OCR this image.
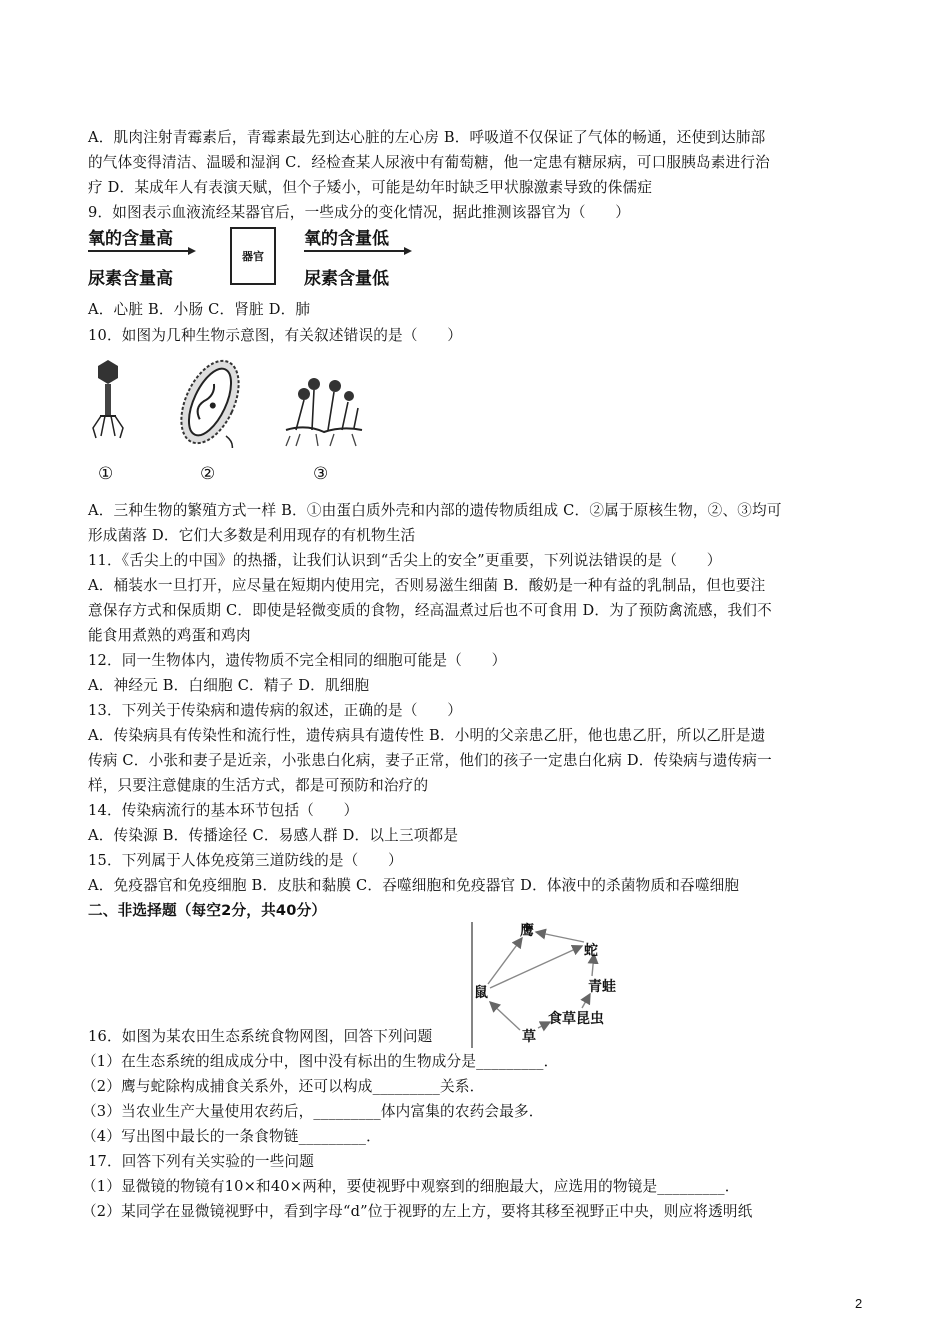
A．肌肉注射青霉素后，青霉素最先到达心脏的左心房 B．呼吸道不仅保证了气体的畅通，还使到达肺部
的气体变得清洁、温暖和湿润 C．经检查某人尿液中有葡萄糖，他一定患有糖尿病，可口服胰岛素进行治
疗 D．某成年人有表演天赋，但个子矮小，可能是幼年时缺乏甲状腺激素导致的侏儒症
9．如图表示血液流经某器官后，一些成分的变化情况，据此推测该器官为（　　）
氧的含量高
尿素含量高
氧的含量低
尿素含量低
器官
A．心脏 B．小肠 C．肾脏 D．肺
10．如图为几种生物示意图，有关叙述错误的是（　　）
①	②	③
A．三种生物的繁殖方式一样 B．①由蛋白质外壳和内部的遗传物质组成 C．②属于原核生物，②、③均可
形成菌落 D．它们大多数是利用现存的有机物生活
11．《舌尖上的中国》的热播，让我们认识到“舌尖上的安全”更重要，下列说法错误的是（　　）
A．桶装水一旦打开，应尽量在短期内使用完，否则易滋生细菌 B．酸奶是一种有益的乳制品，但也要注
意保存方式和保质期 C．即使是轻微变质的食物，经高温煮过后也不可食用 D．为了预防禽流感，我们不
能食用煮熟的鸡蛋和鸡肉
12．同一生物体内，遗传物质不完全相同的细胞可能是（　　）
A．神经元 B．白细胞 C．精子 D．肌细胞
13．下列关于传染病和遗传病的叙述，正确的是（　　）
A．传染病具有传染性和流行性，遗传病具有遗传性 B．小明的父亲患乙肝，他也患乙肝，所以乙肝是遗
传病 C．小张和妻子是近亲，小张患白化病，妻子正常，他们的孩子一定患白化病 D．传染病与遗传病一
样，只要注意健康的生活方式，都是可预防和治疗的
14．传染病流行的基本环节包括（　　）
A．传染源 B．传播途径 C．易感人群 D．以上三项都是
15．下列属于人体免疫第三道防线的是（　　）
A．免疫器官和免疫细胞 B．皮肤和黏膜 C．吞噬细胞和免疫器官 D．体液中的杀菌物质和吞噬细胞
二、非选择题（每空2分，共40分）
鹰
蛇
鼠	青蛙
食草昆虫
草
16．如图为某农田生态系统食物网图，回答下列问题
（1）在生态系统的组成成分中，图中没有标出的生物成分是_________．
（2）鹰与蛇除构成捕食关系外，还可以构成_________关系．
（3）当农业生产大量使用农药后，_________体内富集的农药会最多．
（4）写出图中最长的一条食物链_________．
17．回答下列有关实验的一些问题
（1）显微镜的物镜有10×和40×两种，要使视野中观察到的细胞最大，应选用的物镜是_________．
（2）某同学在显微镜视野中，看到字母“d”位于视野的左上方，要将其移至视野正中央，则应将透明纸
2
